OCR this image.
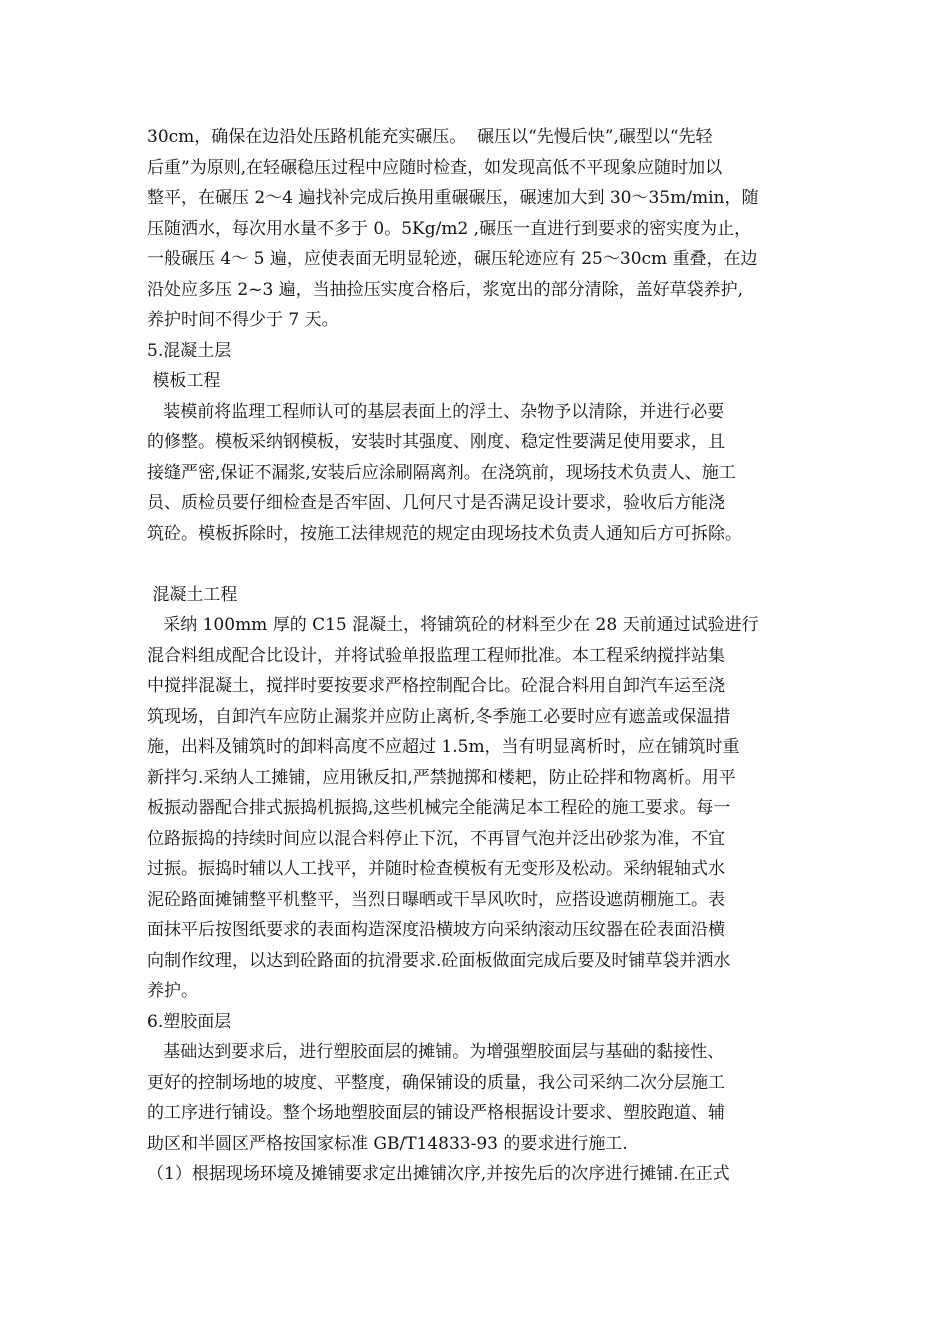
30cm，确保在边沿处压路机能充实碾压。  碾压以“先慢后快”,碾型以“先轻
后重”为原则,在轻碾稳压过程中应随时检查，如发现高低不平现象应随时加以
整平，在碾压 2～4 遍找补完成后换用重碾碾压，碾速加大到 30～35m/min，随
压随洒水，每次用水量不多于 0。5Kg/m2 ,碾压一直进行到要求的密实度为止，
一般碾压 4～ 5 遍，应使表面无明显轮迹，碾压轮迹应有 25～30cm 重叠，在边
沿处应多压 2~3 遍，当抽捡压实度合格后，浆宽出的部分清除，盖好草袋养护,
养护时间不得少于 7 天。
5.混凝土层
模板工程
装模前将监理工程师认可的基层表面上的浮土、杂物予以清除，并进行必要
的修整。模板采纳钢模板，安装时其强度、刚度、稳定性要满足使用要求，且
接缝严密,保证不漏浆,安装后应涂刷隔离剂。在浇筑前，现场技术负责人、施工
员、质检员要仔细检查是否牢固、几何尺寸是否满足设计要求，验收后方能浇
筑砼。模板拆除时，按施工法律规范的规定由现场技术负责人通知后方可拆除。
混凝土工程
采纳 100mm 厚的 C15 混凝土，将铺筑砼的材料至少在 28 天前通过试验进行
混合料组成配合比设计，并将试验单报监理工程师批准。本工程采纳搅拌站集
中搅拌混凝土，搅拌时要按要求严格控制配合比。砼混合料用自卸汽车运至浇
筑现场，自卸汽车应防止漏浆并应防止离析,冬季施工必要时应有遮盖或保温措
施，出料及铺筑时的卸料高度不应超过 1.5m，当有明显离析时，应在铺筑时重
新拌匀.采纳人工摊铺，应用锹反扣,严禁抛掷和楼耙，防止砼拌和物离析。用平
板振动器配合排式振捣机振捣,这些机械完全能满足本工程砼的施工要求。每一
位路振捣的持续时间应以混合料停止下沉，不再冒气泡并泛出砂浆为准，不宜
过振。振捣时辅以人工找平，并随时检查模板有无变形及松动。采纳辊轴式水
泥砼路面摊铺整平机整平，当烈日曝晒或干旱风吹时，应搭设遮荫棚施工。表
面抹平后按图纸要求的表面构造深度沿横坡方向采纳滚动压纹器在砼表面沿横
向制作纹理，以达到砼路面的抗滑要求.砼面板做面完成后要及时铺草袋并洒水
养护。
6.塑胶面层
基础达到要求后，进行塑胶面层的摊铺。为增强塑胶面层与基础的黏接性、
更好的控制场地的坡度、平整度，确保铺设的质量，我公司采纳二次分层施工
的工序进行铺设。整个场地塑胶面层的铺设严格根据设计要求、塑胶跑道、辅
助区和半圆区严格按国家标准 GB/T14833-93 的要求进行施工.
（1）根据现场环境及摊铺要求定出摊铺次序,并按先后的次序进行摊铺.在正式
